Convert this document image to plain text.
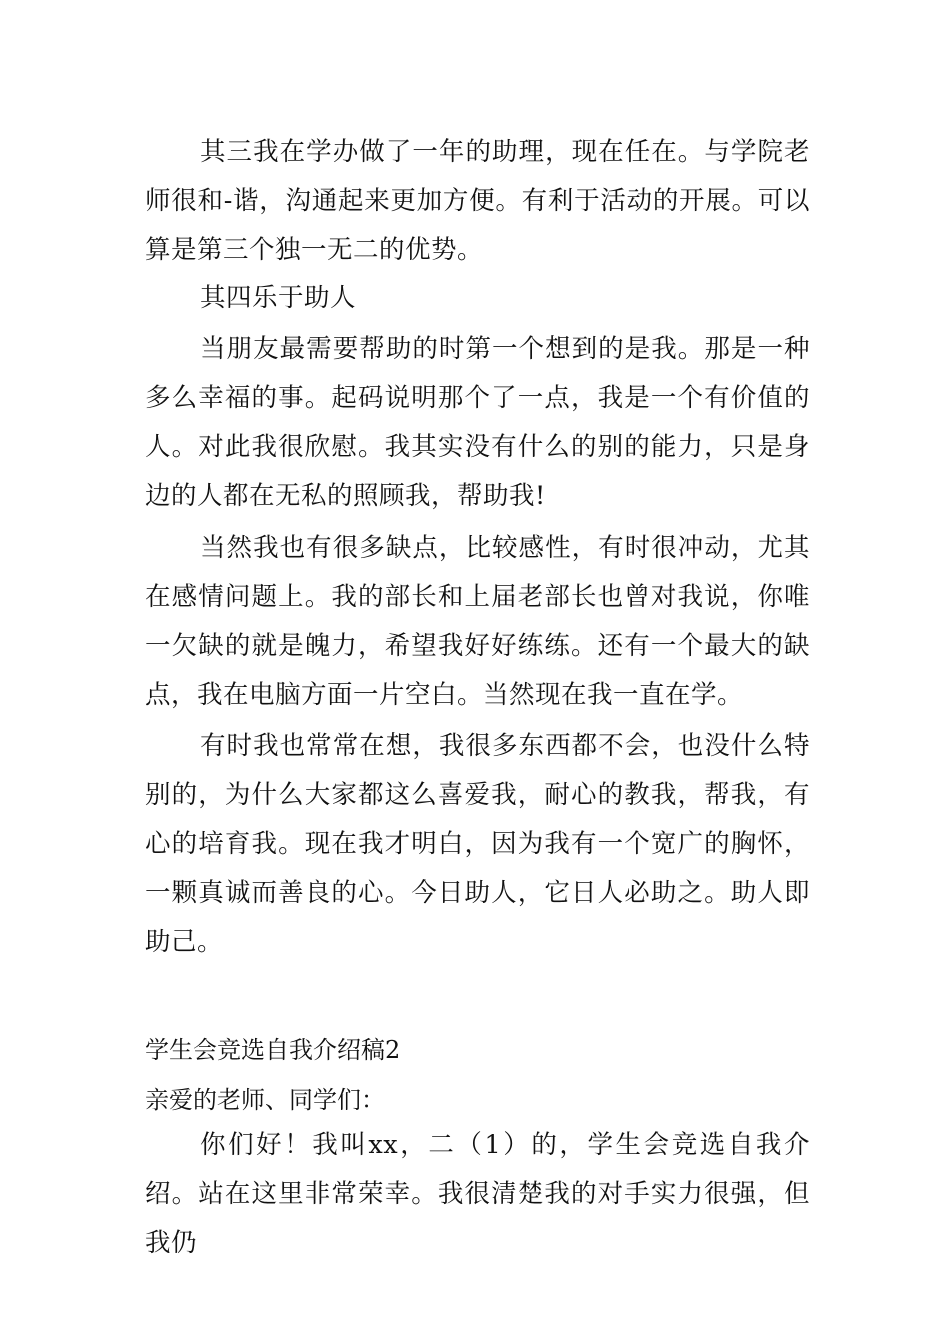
其三我在学办做了一年的助理，现在任在。与学院老师很和-谐，沟通起来更加方便。有利于活动的开展。可以算是第三个独一无二的优势。

其四乐于助人

当朋友最需要帮助的时第一个想到的是我。那是一种多么幸福的事。起码说明那个了一点，我是一个有价值的人。对此我很欣慰。我其实没有什么的别的能力，只是身边的人都在无私的照顾我，帮助我!

当然我也有很多缺点，比较感性，有时很冲动，尤其在感情问题上。我的部长和上届老部长也曾对我说，你唯一欠缺的就是魄力，希望我好好练练。还有一个最大的缺点，我在电脑方面一片空白。当然现在我一直在学。

有时我也常常在想，我很多东西都不会，也没什么特别的，为什么大家都这么喜爱我，耐心的教我，帮我，有心的培育我。现在我才明白，因为我有一个宽广的胸怀，一颗真诚而善良的心。今日助人，它日人必助之。助人即助己。

学生会竞选自我介绍稿2
亲爱的老师、同学们：

你们好！我叫xx，二（1）的，学生会竞选自我介绍。站在这里非常荣幸。我很清楚我的对手实力很强，但我仍
